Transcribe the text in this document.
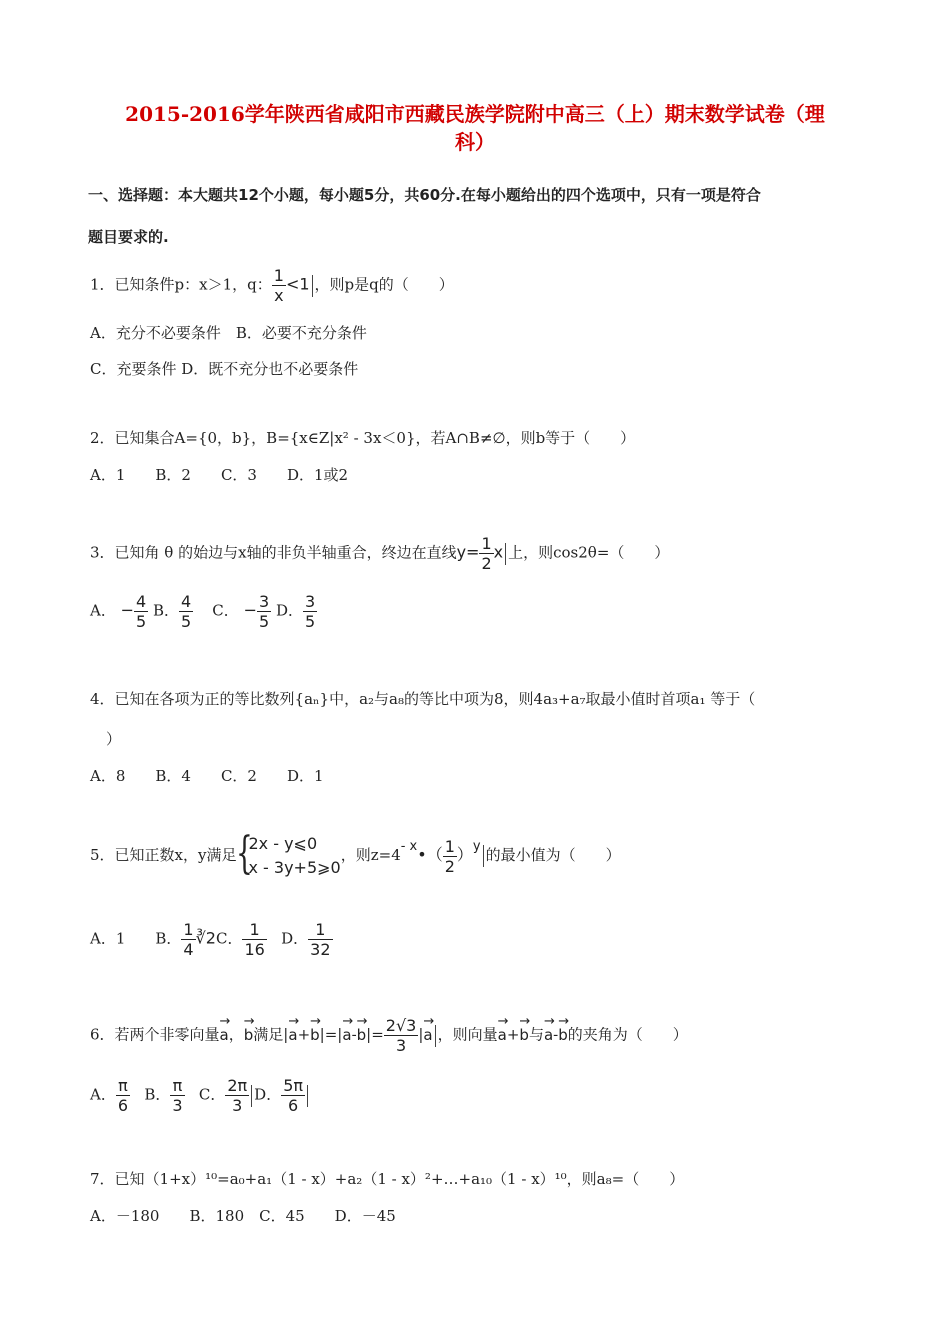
2015-2016学年陕西省咸阳市西藏民族学院附中高三（上）期末数学试卷（理
科）
一、选择题：本大题共12个小题，每小题5分，共60分.在每小题给出的四个选项中，只有一项是符合
题目要求的.
1．已知条件p：x＞1，q： $\frac{1}{x} <1$ ，则p是q的（　　）
A．充分不必要条件　B．必要不充分条件
C．充要条件 D．既不充分也不必要条件
2．已知集合A={0，b}，B={x∈Z|x² - 3x＜0}，若A∩B≠∅，则b等于（　　）
A．1　　B．2　　C．3　　D．1或2
3．已知角 θ 的始边与x轴的非负半轴重合，终边在直线$y= \frac{1}{2}$ x 上，则cos2θ=（　　）
A． − $\frac{4}{5}$ B． $\frac{4}{5}$ C． − $\frac{3}{5}$ D． $\frac{3}{5}$
4．已知在各项为正的等比数列{aₙ}中，a₂与a₈的等比中项为8，则4a₃+a₇取最小值时首项a₁ 等于（
）
A．8　　B．4　　C．2　　D．1
5．已知正数x，y满足 {
2x - y⩽0
x - 3y+5⩾0
，则$z=4^{- x}•( \frac{1}{2} )^y$ 的最小值为（　　）
A．1　　B． $\frac{1}{4}$ ∛2C． $\frac{1}{16}$ D． $\frac{1}{32}$
6．若两个非零向量
→
a，
→
b满足|
→
a+
→
b|=|
→
a-
→
$b|= \frac{2√3}{3}$ |
→
a ，则向量
→
a+
→
b与
→
a-
→
b的夹角为（　　）
A． $\frac{\pi}{6}$ B． $\frac{\pi}{3}$ C． $\frac{2\pi}{3}$ D． $\frac{5\pi}{6}$
7．已知（1+x）¹⁰=a₀+a₁（1 - x）+a₂（1 - x）²+…+a₁₀（1 - x）¹⁰，则a₈=（　　）
A．－180　　B．180　C．45　　D．－45
